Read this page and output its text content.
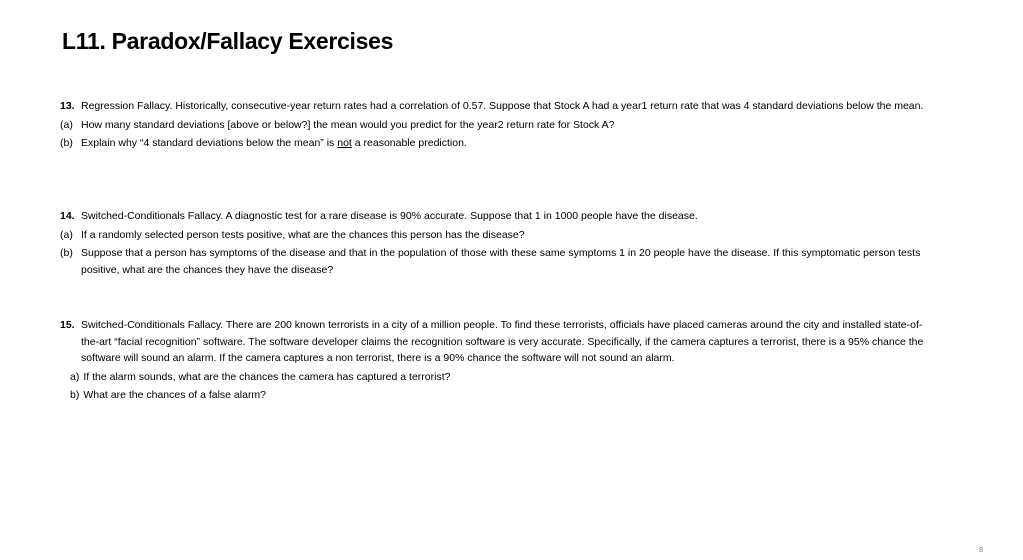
L11. Paradox/Fallacy Exercises

13. Regression Fallacy. Historically, consecutive-year return rates had a correlation of 0.57. Suppose that Stock A had a year1 return rate that was 4 standard deviations below the mean.

(a) How many standard deviations [above or below?] the mean would you predict for the year2 return rate for Stock A?
(b) Explain why “4 standard deviations below the mean” is not a reasonable prediction.

14. Switched-Conditionals Fallacy. A diagnostic test for a rare disease is 90% accurate. Suppose that 1 in 1000 people have the disease.

(a) If a randomly selected person tests positive, what are the chances this person has the disease?
(b) Suppose that a person has symptoms of the disease and that in the population of those with these same symptoms 1 in 20 people have the disease. If this symptomatic person tests positive, what are the chances they have the disease?

15. Switched-Conditionals Fallacy. There are 200 known terrorists in a city of a million people. To find these terrorists, officials have placed cameras around the city and installed state-of-the-art “facial recognition” software. The software developer claims the recognition software is very accurate. Specifically, if the camera captures a terrorist, there is a 95% chance the software will sound an alarm. If the camera captures a non terrorist, there is a 90% chance the software will not sound an alarm.

a) If the alarm sounds, what are the chances the camera has captured a terrorist?
b) What are the chances of a false alarm?
8
